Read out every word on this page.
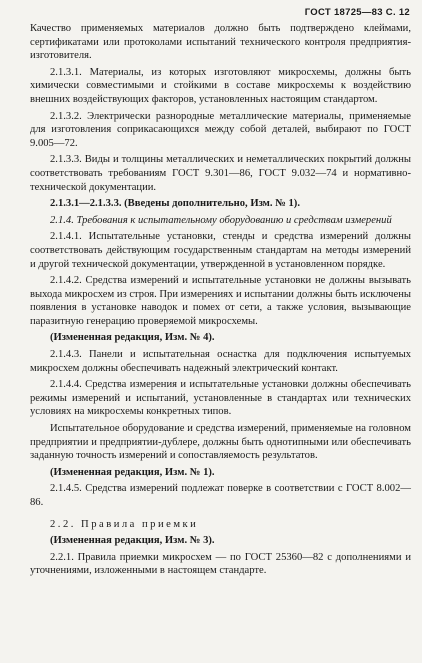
ГОСТ 18725—83 С. 12

Качество применяемых материалов должно быть подтверждено клеймами, сертификатами или протоколами испытаний технического контроля предприятия-изготовителя.

2.1.3.1. Материалы, из которых изготовляют микросхемы, должны быть химически совместимыми и стойкими в составе микросхемы к воздействию внешних воздействующих факторов, установленных настоящим стандартом.

2.1.3.2. Электрически разнородные металлические материалы, применяемые для изготовления соприкасающихся между собой деталей, выбирают по ГОСТ 9.005—72.

2.1.3.3. Виды и толщины металлических и неметаллических покрытий должны соответствовать требованиям ГОСТ 9.301—86, ГОСТ 9.032—74 и нормативно-технической документации.

2.1.3.1—2.1.3.3. (Введены дополнительно, Изм. № 1).

2.1.4. Требования к испытательному оборудованию и средствам измерений

2.1.4.1. Испытательные установки, стенды и средства измерений должны соответствовать действующим государственным стандартам на методы измерений и другой технической документации, утвержденной в установленном порядке.

2.1.4.2. Средства измерений и испытательные установки не должны вызывать выхода микросхем из строя. При измерениях и испытании должны быть исключены появления в установке наводок и помех от сети, а также условия, вызывающие паразитную генерацию проверяемой микросхемы.

(Измененная редакция, Изм. № 4).

2.1.4.3. Панели и испытательная оснастка для подключения испытуемых микросхем должны обеспечивать надежный электрический контакт.

2.1.4.4. Средства измерения и испытательные установки должны обеспечивать режимы измерений и испытаний, установленные в стандартах или технических условиях на микросхемы конкретных типов.

Испытательное оборудование и средства измерений, применяемые на головном предприятии и предприятии-дублере, должны быть однотипными или обеспечивать заданную точность измерений и сопоставляемость результатов.

(Измененная редакция, Изм. № 1).

2.1.4.5. Средства измерений подлежат поверке в соответствии с ГОСТ 8.002—86.

2.2. Правила приемки

(Измененная редакция, Изм. № 3).

2.2.1. Правила приемки микросхем — по ГОСТ 25360—82 с дополнениями и уточнениями, изложенными в настоящем стандарте.
